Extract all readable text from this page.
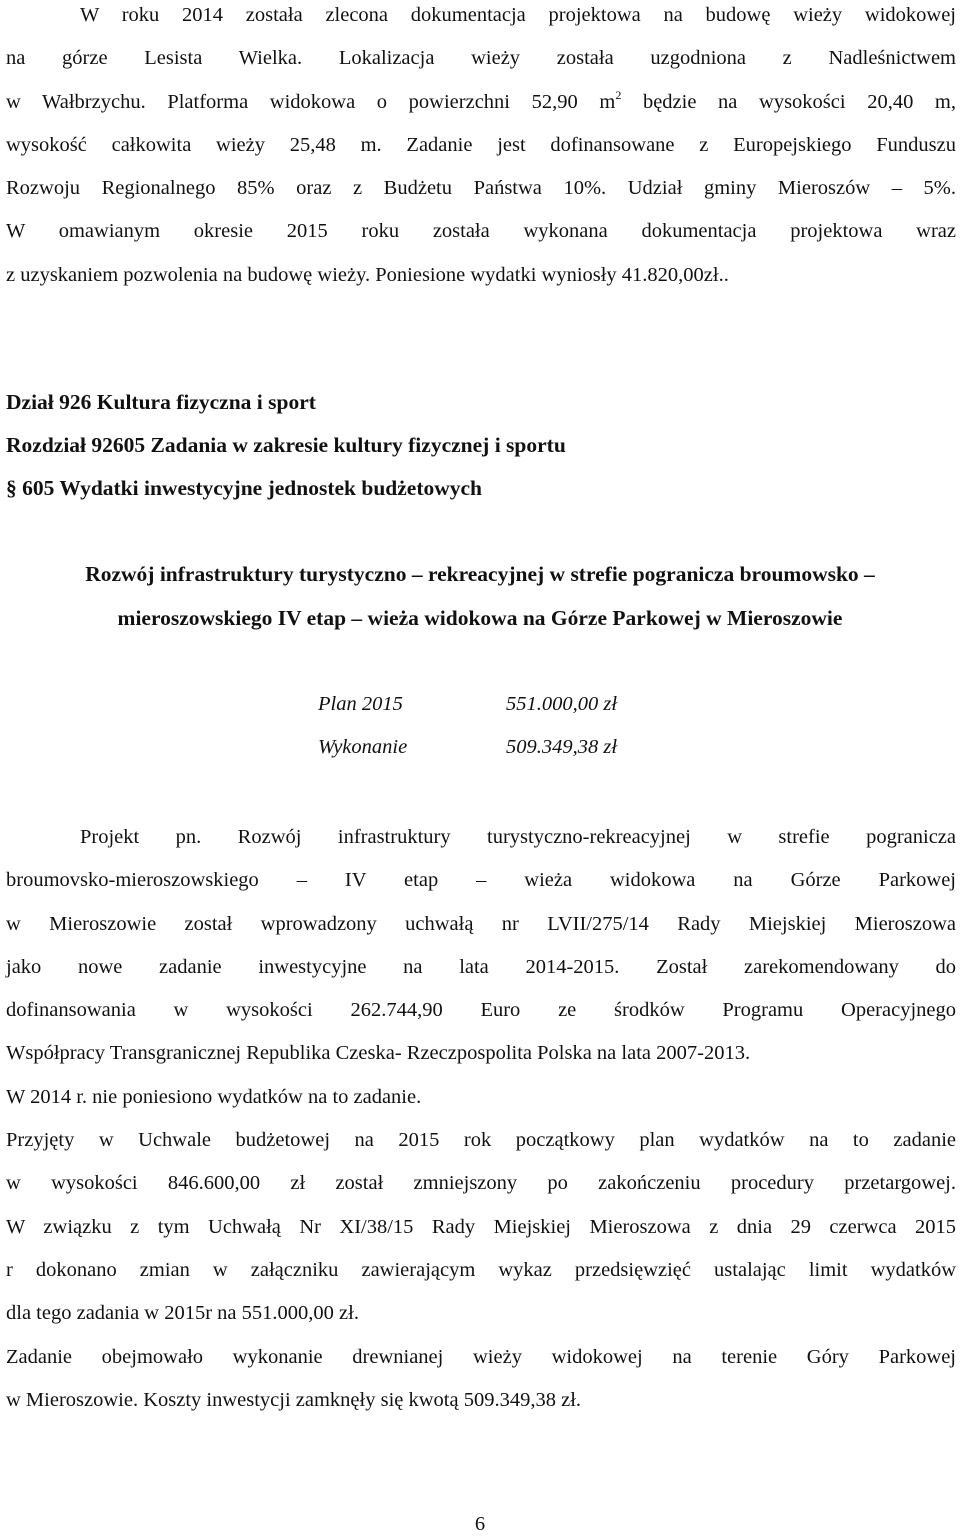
W roku 2014 została zlecona dokumentacja projektowa na budowę wieży widokowej
na górze Lesista Wielka. Lokalizacja wieży została uzgodniona z Nadleśnictwem
w Wałbrzychu. Platforma widokowa o powierzchni 52,90 $m^2$ będzie na wysokości 20,40 m,
wysokość całkowita wieży 25,48 m. Zadanie jest dofinansowane z Europejskiego Funduszu
Rozwoju Regionalnego 85% oraz z Budżetu Państwa 10%. Udział gminy Mieroszów – 5%.
W omawianym okresie 2015 roku została wykonana dokumentacja projektowa wraz
z uzyskaniem pozwolenia na budowę wieży. Poniesione wydatki wyniosły 41.820,00zł..
Dział 926 Kultura fizyczna i sport
Rozdział 92605 Zadania w zakresie kultury fizycznej i sportu
§ 605 Wydatki inwestycyjne jednostek budżetowych
Rozwój infrastruktury turystyczno – rekreacyjnej w strefie pogranicza broumowsko –
mieroszowskiego IV etap – wieża widokowa na Górze Parkowej w Mieroszowie
Plan 2015	551.000,00 zł
Wykonanie	509.349,38 zł
Projekt pn. Rozwój infrastruktury turystyczno-rekreacyjnej w strefie pogranicza
broumovsko-mieroszowskiego – IV etap – wieża widokowa na Górze Parkowej
w Mieroszowie został wprowadzony uchwałą nr LVII/275/14 Rady Miejskiej Mieroszowa
jako nowe zadanie inwestycyjne na lata 2014-2015. Został zarekomendowany do
dofinansowania w wysokości 262.744,90 Euro ze środków Programu Operacyjnego
Współpracy Transgranicznej Republika Czeska- Rzeczpospolita Polska na lata 2007-2013.
W 2014 r. nie poniesiono wydatków na to zadanie.
Przyjęty w Uchwale budżetowej na 2015 rok początkowy plan wydatków na to zadanie
w wysokości 846.600,00 zł został zmniejszony po zakończeniu procedury przetargowej.
W związku z tym Uchwałą Nr XI/38/15 Rady Miejskiej Mieroszowa z dnia 29 czerwca 2015
r dokonano zmian w załączniku zawierającym wykaz przedsięwzięć ustalając limit wydatków
dla tego zadania w 2015r na 551.000,00 zł.
Zadanie obejmowało wykonanie drewnianej wieży widokowej na terenie Góry Parkowej
w Mieroszowie. Koszty inwestycji zamknęły się kwotą 509.349,38 zł.
6
